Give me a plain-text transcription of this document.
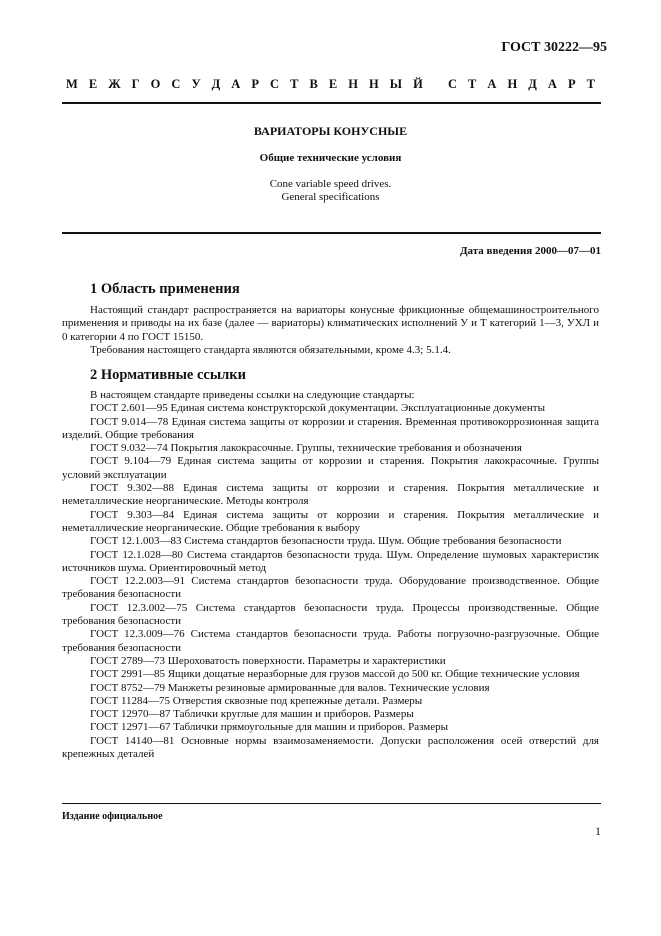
ГОСТ 30222—95
М Е Ж Г О С У Д А Р С Т В Е Н Н Ы Й
С Т А Н Д А Р Т
ВАРИАТОРЫ КОНУСНЫЕ
Общие технические условия
Cone variable speed drives.
General specifications
Дата введения 2000—07—01
1 Область применения

Настоящий стандарт распространяется на вариаторы конусные фрикционные общемашиностроительного применения и приводы на их базе (далее — вариаторы) климатических исполнений У и Т категорий 1—3, УХЛ и 0 категории 4 по ГОСТ 15150.

Требования настоящего стандарта являются обязательными, кроме 4.3; 5.1.4.

2 Нормативные ссылки

В настоящем стандарте приведены ссылки на следующие стандарты:

ГОСТ 2.601—95 Единая система конструкторской документации. Эксплуатационные документы

ГОСТ 9.014—78 Единая система защиты от коррозии и старения. Временная противокоррозионная защита изделий. Общие требования

ГОСТ 9.032—74 Покрытия лакокрасочные. Группы, технические требования и обозначения

ГОСТ 9.104—79 Единая система защиты от коррозии и старения. Покрытия лакокрасочные. Группы условий эксплуатации

ГОСТ 9.302—88 Единая система защиты от коррозии и старения. Покрытия металлические и неметаллические неорганические. Методы контроля

ГОСТ 9.303—84 Единая система защиты от коррозии и старения. Покрытия металлические и неметаллические неорганические. Общие требования к выбору

ГОСТ 12.1.003—83 Система стандартов безопасности труда. Шум. Общие требования безопасности

ГОСТ 12.1.028—80 Система стандартов безопасности труда. Шум. Определение шумовых характеристик источников шума. Ориентировочный метод

ГОСТ 12.2.003—91 Система стандартов безопасности труда. Оборудование производственное. Общие требования безопасности

ГОСТ 12.3.002—75 Система стандартов безопасности труда. Процессы производственные. Общие требования безопасности

ГОСТ 12.3.009—76 Система стандартов безопасности труда. Работы погрузочно-разгрузочные. Общие требования безопасности

ГОСТ 2789—73 Шероховатость поверхности. Параметры и характеристики

ГОСТ 2991—85 Ящики дощатые неразборные для грузов массой до 500 кг. Общие технические условия

ГОСТ 8752—79 Манжеты резиновые армированные для валов. Технические условия

ГОСТ 11284—75 Отверстия сквозные под крепежные детали. Размеры

ГОСТ 12970—87 Таблички круглые для машин и приборов. Размеры

ГОСТ 12971—67 Таблички прямоугольные для машин и приборов. Размеры

ГОСТ 14140—81 Основные нормы взаимозаменяемости. Допуски расположения осей отверстий для крепежных деталей

Издание официальное
1
